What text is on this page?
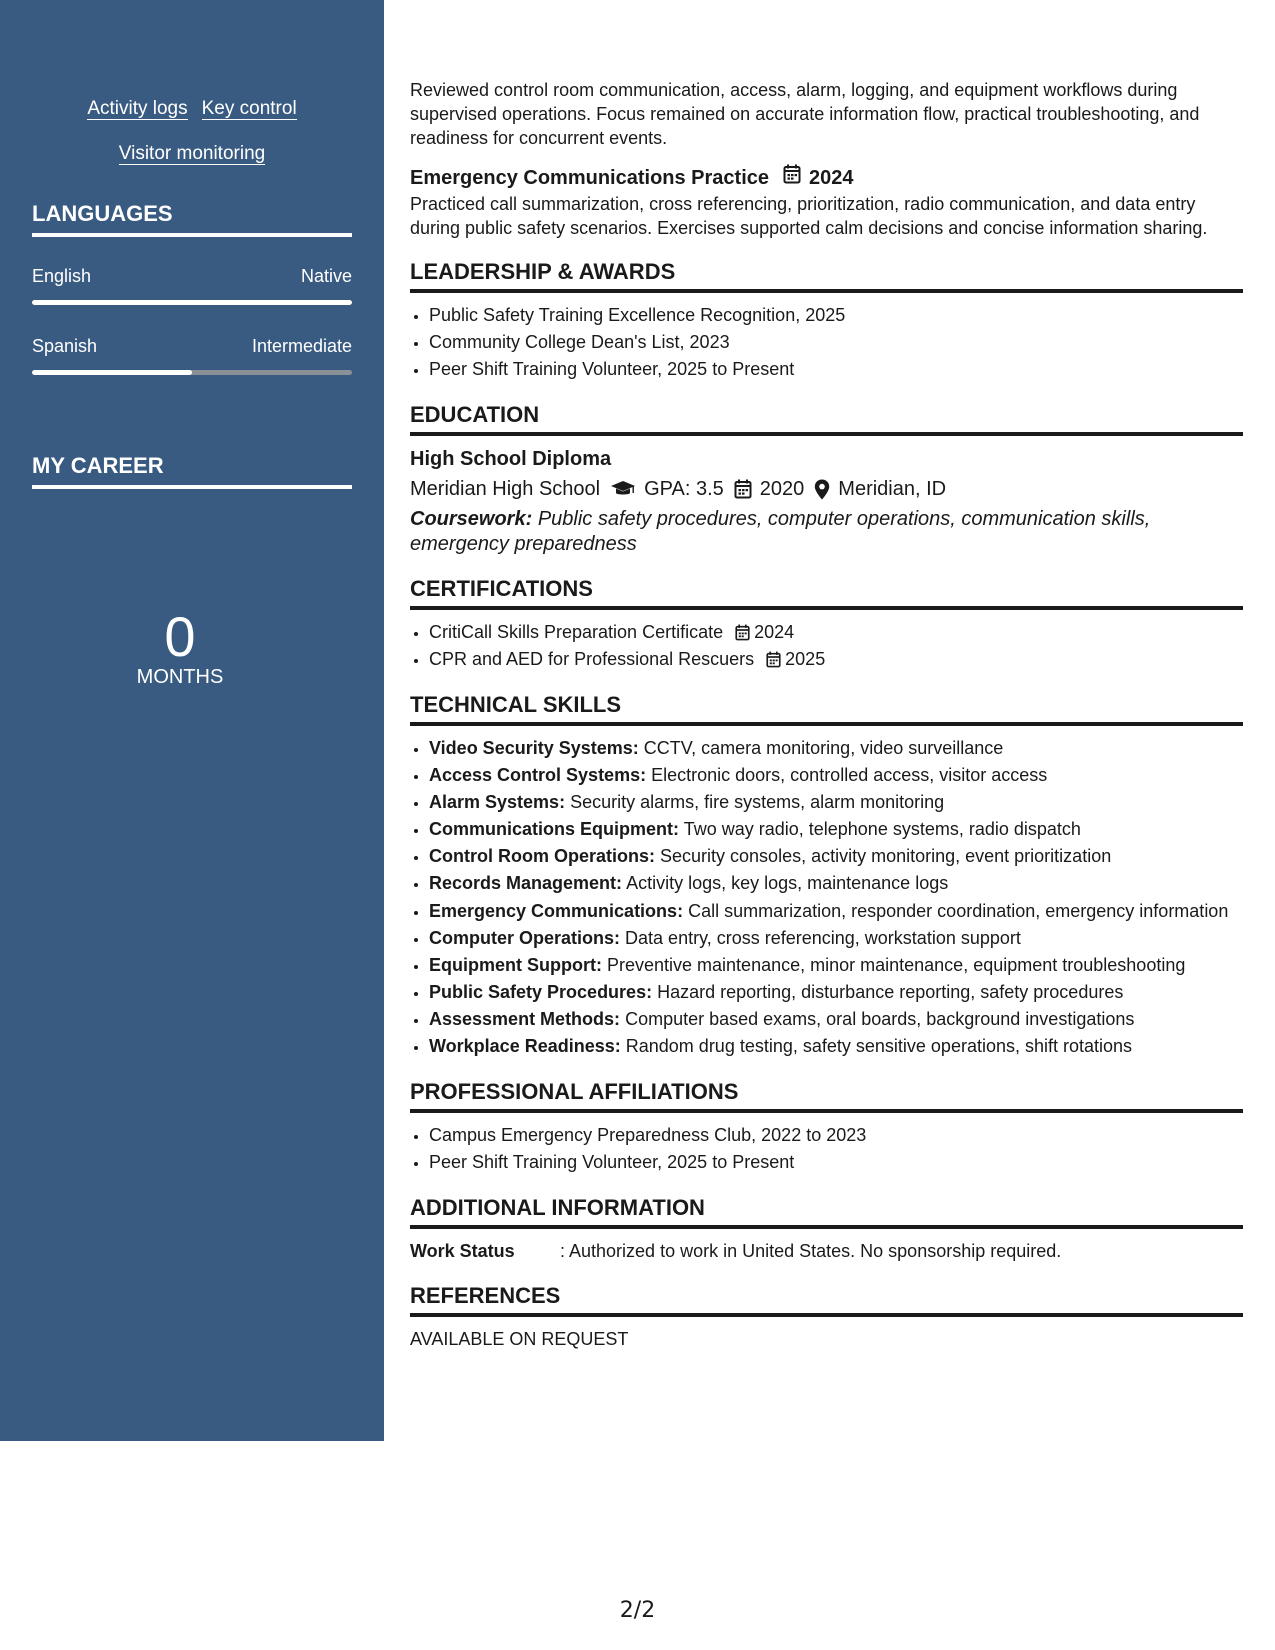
Activity logs Key control
Visitor monitoring
LANGUAGES
English	Native
Spanish	Intermediate
MY CAREER
0
MONTHS

Reviewed control room communication, access, alarm, logging, and equipment workflows during supervised operations. Focus remained on accurate information flow, practical troubleshooting, and readiness for concurrent events.

Emergency Communications Practice 2024

Practiced call summarization, cross referencing, prioritization, radio communication, and data entry during public safety scenarios. Exercises supported calm decisions and concise information sharing.

LEADERSHIP & AWARDS
• Public Safety Training Excellence Recognition, 2025
• Community College Dean's List, 2023
• Peer Shift Training Volunteer, 2025 to Present
EDUCATION
High School Diploma
Meridian High School GPA: 3.5 2020 Meridian, ID
Coursework: Public safety procedures, computer operations, communication skills, emergency preparedness
CERTIFICATIONS
• CritiCall Skills Preparation Certificate 2024
• CPR and AED for Professional Rescuers 2025
TECHNICAL SKILLS
• Video Security Systems: CCTV, camera monitoring, video surveillance
• Access Control Systems: Electronic doors, controlled access, visitor access
• Alarm Systems: Security alarms, fire systems, alarm monitoring
• Communications Equipment: Two way radio, telephone systems, radio dispatch
• Control Room Operations: Security consoles, activity monitoring, event prioritization
• Records Management: Activity logs, key logs, maintenance logs
• Emergency Communications: Call summarization, responder coordination, emergency information
• Computer Operations: Data entry, cross referencing, workstation support
• Equipment Support: Preventive maintenance, minor maintenance, equipment troubleshooting
• Public Safety Procedures: Hazard reporting, disturbance reporting, safety procedures
• Assessment Methods: Computer based exams, oral boards, background investigations
• Workplace Readiness: Random drug testing, safety sensitive operations, shift rotations
PROFESSIONAL AFFILIATIONS
• Campus Emergency Preparedness Club, 2022 to 2023
• Peer Shift Training Volunteer, 2025 to Present
ADDITIONAL INFORMATION
Work Status	: Authorized to work in United States. No sponsorship required.
REFERENCES
AVAILABLE ON REQUEST
2/2
